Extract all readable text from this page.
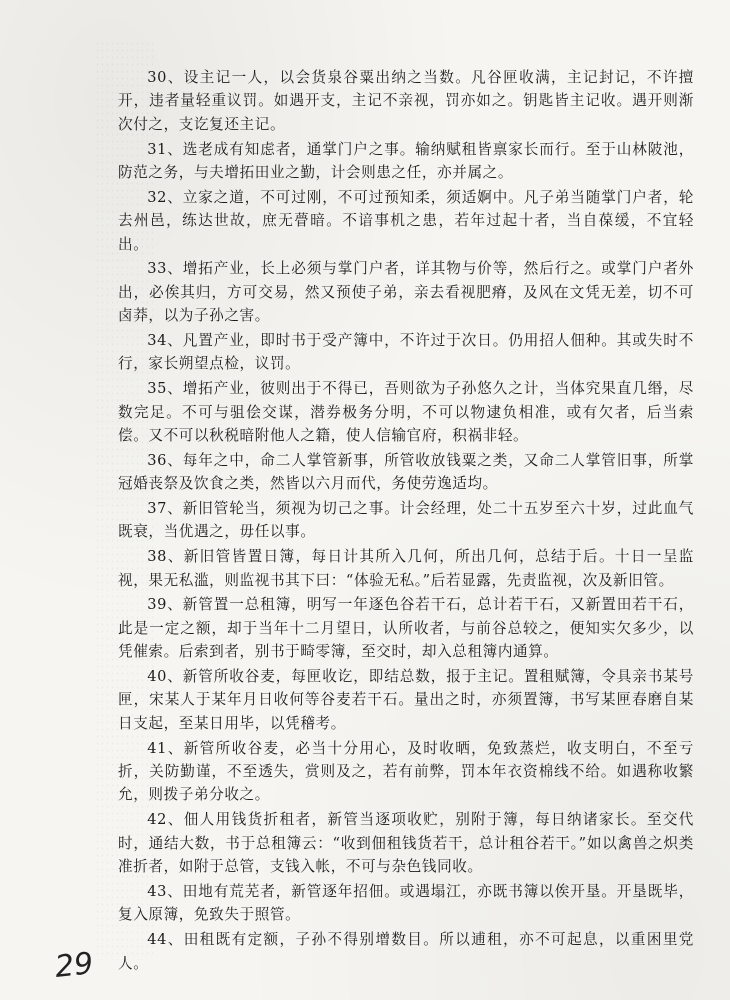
30、设主记一人，以会货泉谷粟出纳之当数。凡谷匣收满，主记封记，不许擅开，违者量轻重议罚。如遇开支，主记不亲视，罚亦如之。钥匙皆主记收。遇开则渐次付之，支讫复还主记。

31、选老成有知虑者，通掌门户之事。输纳赋租皆禀家长而行。至于山林陂池，防范之务，与夫增拓田业之勤，计会则患之任，亦并属之。

32、立家之道，不可过刚，不可过预知柔，须适婀中。凡子弟当随掌门户者，轮去州邑，练达世故，庶无瞢暗。不谙事机之患，若年过起十者，当自葆缓，不宜轻出。

33、增拓产业，长上必须与掌门户者，详其物与价等，然后行之。或掌门户者外出，必俟其归，方可交易，然又预使子弟，亲去看视肥瘠，及风在文凭无差，切不可卤莽，以为子孙之害。

34、凡置产业，即时书于受产簿中，不许过于次日。仍用招人佃种。其或失时不行，家长朔望点检，议罚。

35、增拓产业，彼则出于不得已，吾则欲为子孙悠久之计，当体究果直几缗，尽数完足。不可与驵侩交谋，潜券极务分明，不可以物逮负相准，或有欠者，后当索偿。又不可以秋税暗附他人之籍，使人信输官府，积祸非轻。

36、每年之中，命二人掌管新事，所管收放钱粟之类，又命二人掌管旧事，所掌冠婚丧祭及饮食之类，然皆以六月而代，务使劳逸适均。

37、新旧管轮当，须视为切己之事。计会经理，处二十五岁至六十岁，过此血气既衰，当优遇之，毋任以事。

38、新旧管皆置日簿，每日计其所入几何，所出几何，总结于后。十日一呈监视，果无私滥，则监视书其下曰：“体验无私。”后若显露，先责监视，次及新旧管。

39、新管置一总租簿，明写一年逐色谷若干石，总计若干石，又新置田若干石，此是一定之额，却于当年十二月望日，认所收者，与前谷总较之，便知实欠多少，以凭催索。后索到者，别书于畸零簿，至交时，却入总租簿内通算。

40、新管所收谷麦，每匣收讫，即结总数，报于主记。置租赋簿，令具亲书某号匣，宋某人于某年月日收何等谷麦若干石。量出之时，亦须置簿，书写某匣春磨自某日支起，至某日用毕，以凭稽考。

41、新管所收谷麦，必当十分用心，及时收晒，免致蒸烂，收支明白，不至亏折，关防勤谨，不至透失，赏则及之，若有前弊，罚本年衣资棉线不给。如遇称收繁允，则拨子弟分收之。

42、佃人用钱货折租者，新管当逐项收贮，别附于簿，每日纳诸家长。至交代时，通结大数，书于总租簿云：“收到佃租钱货若干，总计租谷若干。”如以禽兽之炽类准折者，如附于总管，支钱入帐，不可与杂色钱同收。

43、田地有荒芜者，新管逐年招佃。或遇塌江，亦既书簿以俟开垦。开垦既毕，复入原簿，免致失于照管。

44、田租既有定额，子孙不得别增数目。所以逋租，亦不可起息，以重困里党人。

29
